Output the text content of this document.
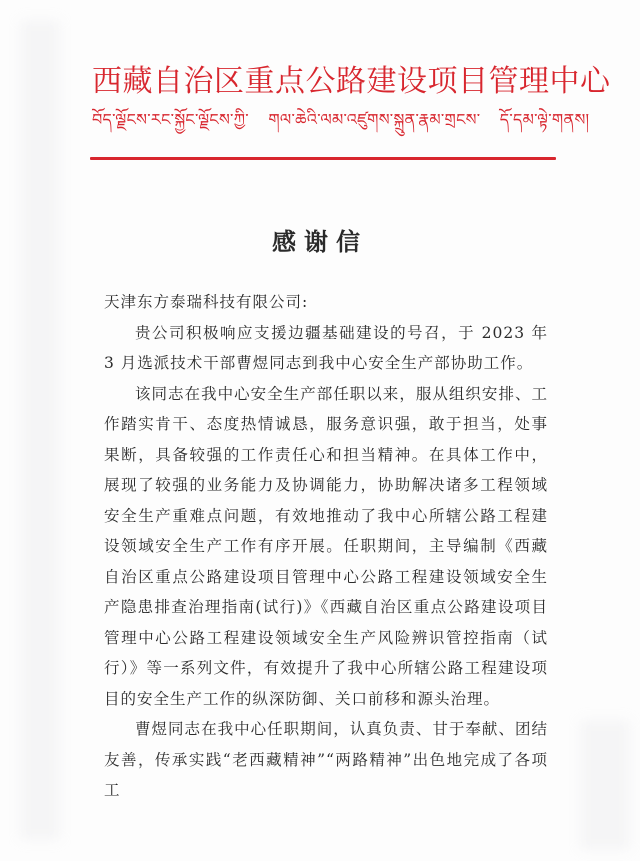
西藏自治区重点公路建设项目管理中心
བོད་ལྗོངས་རང་སྐྱོང་ལྗོངས་ཀྱི་ གལ་ཆེའི་ལམ་འཛུགས་སྐྲུན་རྣམ་གྲངས་ དོ་དམ་ལྟེ་གནས།
感谢信

天津东方泰瑞科技有限公司:

贵公司积极响应支援边疆基础建设的号召，于 2023 年 3 月选派技术干部曹煜同志到我中心安全生产部协助工作。

该同志在我中心安全生产部任职以来，服从组织安排、工作踏实肯干、态度热情诚恳，服务意识强，敢于担当，处事果断，具备较强的工作责任心和担当精神。在具体工作中，展现了较强的业务能力及协调能力，协助解决诸多工程领域安全生产重难点问题，有效地推动了我中心所辖公路工程建设领域安全生产工作有序开展。任职期间，主导编制《西藏自治区重点公路建设项目管理中心公路工程建设领域安全生产隐患排查治理指南(试行)》《西藏自治区重点公路建设项目管理中心公路工程建设领域安全生产风险辨识管控指南（试行）》等一系列文件，有效提升了我中心所辖公路工程建设项目的安全生产工作的纵深防御、关口前移和源头治理。

曹煜同志在我中心任职期间，认真负责、甘于奉献、团结友善，传承实践“老西藏精神”“两路精神”出色地完成了各项工
